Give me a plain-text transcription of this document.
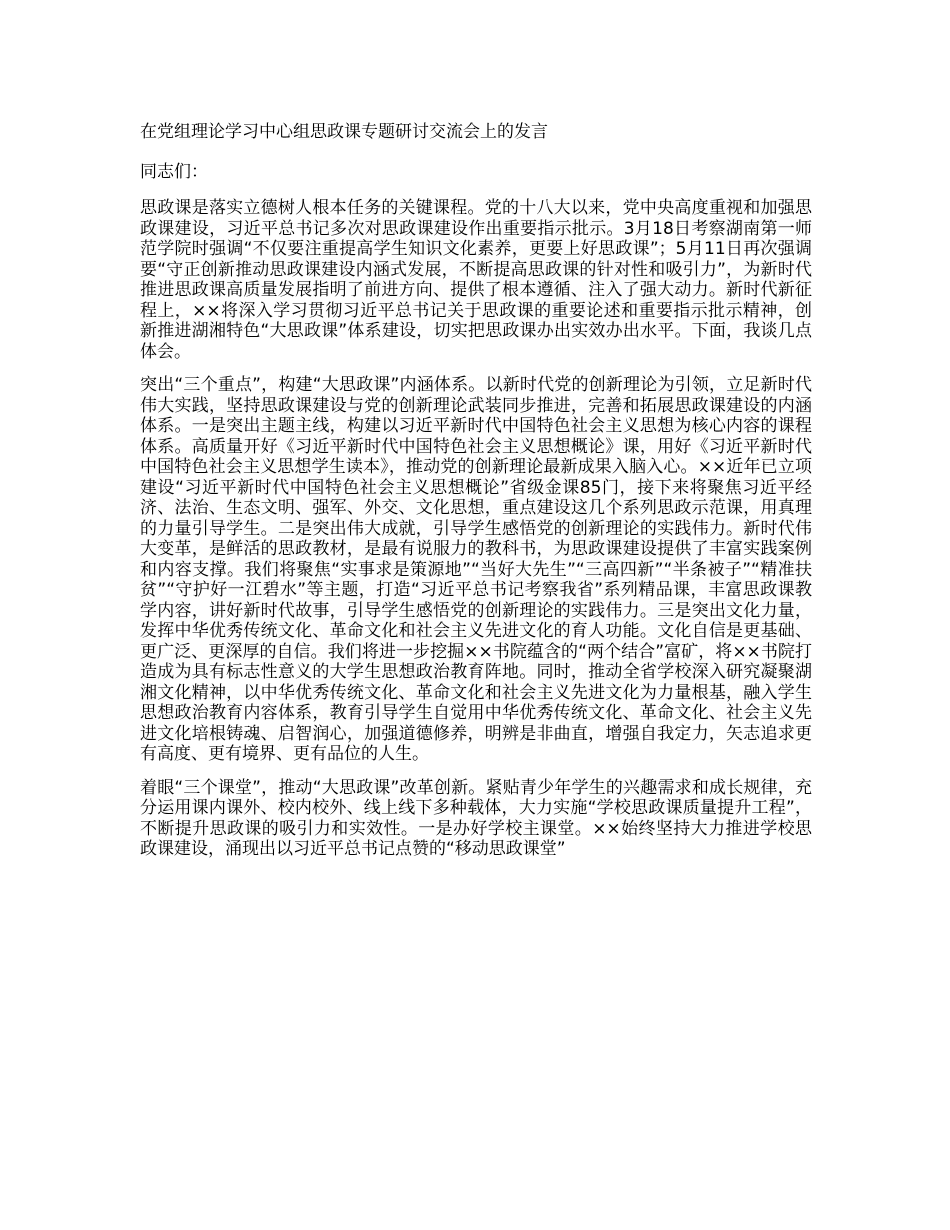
在党组理论学习中心组思政课专题研讨交流会上的发言

同志们：

思政课是落实立德树人根本任务的关键课程。党的十八大以来，党中央高度重视和加强思政课建设，习近平总书记多次对思政课建设作出重要指示批示。3月18日考察湖南第一师范学院时强调“不仅要注重提高学生知识文化素养，更要上好思政课”；5月11日再次强调要“守正创新推动思政课建设内涵式发展，不断提高思政课的针对性和吸引力”，为新时代推进思政课高质量发展指明了前进方向、提供了根本遵循、注入了强大动力。新时代新征程上，××将深入学习贯彻习近平总书记关于思政课的重要论述和重要指示批示精神，创新推进湖湘特色“大思政课”体系建设，切实把思政课办出实效办出水平。下面，我谈几点体会。

突出“三个重点”，构建“大思政课”内涵体系。以新时代党的创新理论为引领，立足新时代伟大实践，坚持思政课建设与党的创新理论武装同步推进，完善和拓展思政课建设的内涵体系。一是突出主题主线，构建以习近平新时代中国特色社会主义思想为核心内容的课程体系。高质量开好《习近平新时代中国特色社会主义思想概论》课，用好《习近平新时代中国特色社会主义思想学生读本》，推动党的创新理论最新成果入脑入心。××近年已立项建设“习近平新时代中国特色社会主义思想概论”省级金课85门，接下来将聚焦习近平经济、法治、生态文明、强军、外交、文化思想，重点建设这几个系列思政示范课，用真理的力量引导学生。二是突出伟大成就，引导学生感悟党的创新理论的实践伟力。新时代伟大变革，是鲜活的思政教材，是最有说服力的教科书，为思政课建设提供了丰富实践案例和内容支撑。我们将聚焦“实事求是策源地”“当好大先生”“三高四新”“半条被子”“精准扶贫”“守护好一江碧水”等主题，打造“习近平总书记考察我省”系列精品课，丰富思政课教学内容，讲好新时代故事，引导学生感悟党的创新理论的实践伟力。三是突出文化力量，发挥中华优秀传统文化、革命文化和社会主义先进文化的育人功能。文化自信是更基础、更广泛、更深厚的自信。我们将进一步挖掘××书院蕴含的“两个结合”富矿，将××书院打造成为具有标志性意义的大学生思想政治教育阵地。同时，推动全省学校深入研究凝聚湖湘文化精神，以中华优秀传统文化、革命文化和社会主义先进文化为力量根基，融入学生思想政治教育内容体系，教育引导学生自觉用中华优秀传统文化、革命文化、社会主义先进文化培根铸魂、启智润心，加强道德修养，明辨是非曲直，增强自我定力，矢志追求更有高度、更有境界、更有品位的人生。

着眼“三个课堂”，推动“大思政课”改革创新。紧贴青少年学生的兴趣需求和成长规律，充分运用课内课外、校内校外、线上线下多种载体，大力实施“学校思政课质量提升工程”，不断提升思政课的吸引力和实效性。一是办好学校主课堂。××始终坚持大力推进学校思政课建设，涌现出以习近平总书记点赞的“移动思政课堂”
